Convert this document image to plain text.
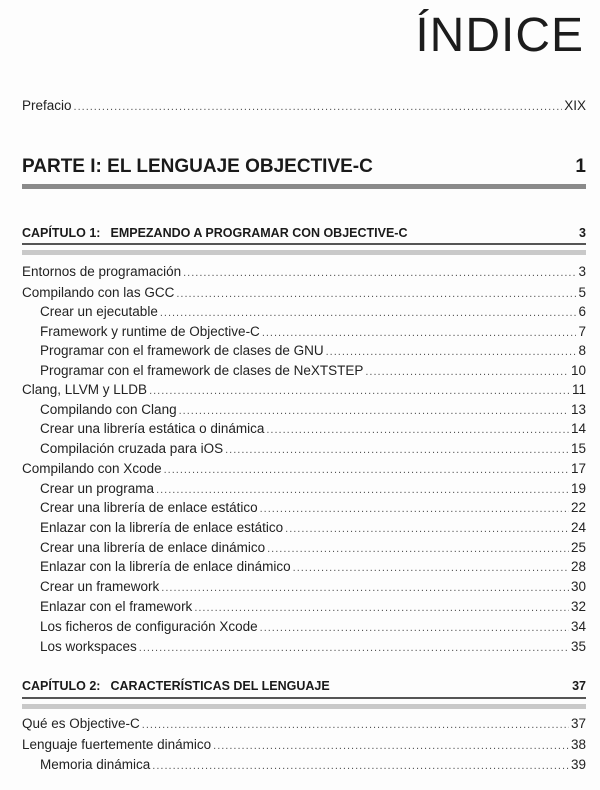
ÍNDICE
Prefacio .....	XIX
PARTE I: EL LENGUAJE OBJECTIVE-C	1
CAPÍTULO 1: EMPEZANDO A PROGRAMAR CON OBJECTIVE-C	3
Entornos de programación .....	3
Compilando con las GCC .....	5
Crear un ejecutable .....	6
Framework y runtime de Objective-C .....	7
Programar con el framework de clases de GNU .....	8
Programar con el framework de clases de NeXTSTEP .....	10
Clang, LLVM y LLDB .....	11
Compilando con Clang .....	13
Crear una librería estática o dinámica .....	14
Compilación cruzada para iOS .....	15
Compilando con Xcode .....	17
Crear un programa .....	19
Crear una librería de enlace estático .....	22
Enlazar con la librería de enlace estático .....	24
Crear una librería de enlace dinámico .....	25
Enlazar con la librería de enlace dinámico .....	28
Crear un framework .....	30
Enlazar con el framework .....	32
Los ficheros de configuración Xcode .....	34
Los workspaces .....	35
CAPÍTULO 2: CARACTERÍSTICAS DEL LENGUAJE	37
Qué es Objective-C .....	37
Lenguaje fuertemente dinámico .....	38
Memoria dinámica .....	39
